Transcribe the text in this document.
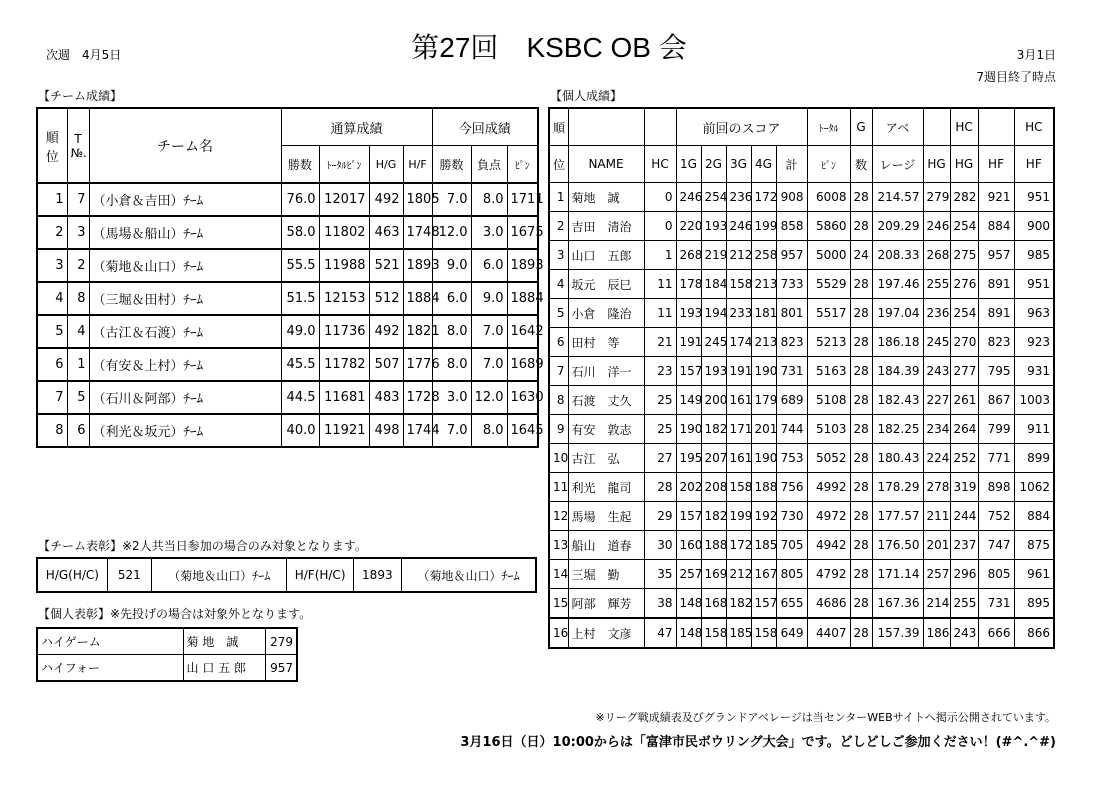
第27回 KSBC OB 会
次週　4月5日	3月1日
7週目終了時点
【チーム成績】	【個人成績】
順 位	T №.	チーム名	通算成績				今回成績		
			勝数	ﾄｰﾀﾙﾋﾟﾝ	H/G	H/F	勝数	負点	ﾋﾟﾝ
1	7	（小倉＆吉田）ﾁｰﾑ	76.0	12017	492	1805	7.0	8.0	1711
2	3	（馬場＆船山）ﾁｰﾑ	58.0	11802	463	1748	12.0	3.0	1675
3	2	（菊地＆山口）ﾁｰﾑ	55.5	11988	521	1893	9.0	6.0	1893
4	8	（三堀＆田村）ﾁｰﾑ	51.5	12153	512	1884	6.0	9.0	1884
5	4	（古江＆石渡）ﾁｰﾑ	49.0	11736	492	1821	8.0	7.0	1642
6	1	（有安＆上村）ﾁｰﾑ	45.5	11782	507	1776	8.0	7.0	1689
7	5	（石川＆阿部）ﾁｰﾑ	44.5	11681	483	1728	3.0	12.0	1630
8	6	（利光＆坂元）ﾁｰﾑ	40.0	11921	498	1744	7.0	8.0	1645
【チーム表彰】※2人共当日参加の場合のみ対象となります。
H/G(H/C)	521	（菊地＆山口）ﾁｰﾑ	H/F(H/C)	1893	（菊地＆山口）ﾁｰﾑ
【個人表彰】※先投げの場合は対象外となります。
ハイゲーム	菊 地　誠	279
ハイフォー	山 口 五 郎	957
順			前回のスコア					ﾄｰﾀﾙ	G	アベ		HC		HC
位	NAME	HC	1G	2G	3G	4G	計	ﾋﾟﾝ	数	レージ	HG	HG	HF	HF
1	菊地　誠	0	246	254	236	172	908	6008	28	214.57	279	282	921	951
2	吉田　清治	0	220	193	246	199	858	5860	28	209.29	246	254	884	900
3	山口　五郎	1	268	219	212	258	957	5000	24	208.33	268	275	957	985
4	坂元　辰巳	11	178	184	158	213	733	5529	28	197.46	255	276	891	951
5	小倉　隆治	11	193	194	233	181	801	5517	28	197.04	236	254	891	963
6	田村　等	21	191	245	174	213	823	5213	28	186.18	245	270	823	923
7	石川　洋一	23	157	193	191	190	731	5163	28	184.39	243	277	795	931
8	石渡　丈久	25	149	200	161	179	689	5108	28	182.43	227	261	867	1003
9	有安　敦志	25	190	182	171	201	744	5103	28	182.25	234	264	799	911
10	古江　弘	27	195	207	161	190	753	5052	28	180.43	224	252	771	899
11	利光　龍司	28	202	208	158	188	756	4992	28	178.29	278	319	898	1062
12	馬場　生起	29	157	182	199	192	730	4972	28	177.57	211	244	752	884
13	船山　道春	30	160	188	172	185	705	4942	28	176.50	201	237	747	875
14	三堀　勤	35	257	169	212	167	805	4792	28	171.14	257	296	805	961
15	阿部　輝芳	38	148	168	182	157	655	4686	28	167.36	214	255	731	895
16	上村　文彦	47	148	158	185	158	649	4407	28	157.39	186	243	666	866
※リーグ戦成績表及びグランドアベレージは当センターWEBサイトへ掲示公開されています。
3月16日（日）10:00からは「富津市民ボウリング大会」です。どしどしご参加ください！(#^.^#)
